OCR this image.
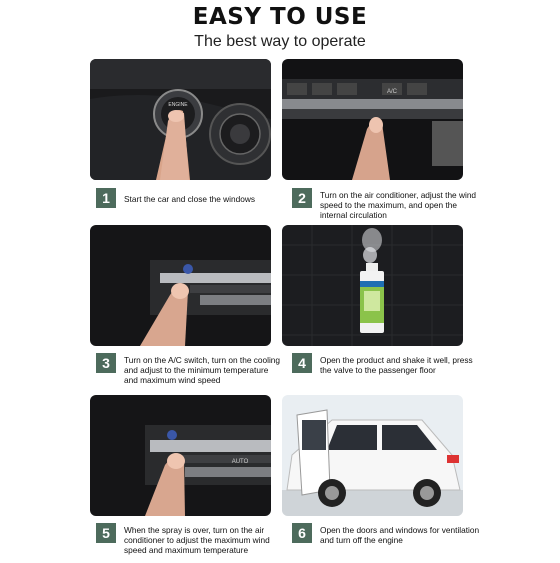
EASY TO USE
The best way to operate
ENGINE
A/C
AUTO
1	Start the car and close the windows	2	Turn on the air conditioner, adjust the wind speed to the maximum, and open the internal circulation
3	Turn on the A/C switch, turn on the cooling and adjust to the minimum temperature and maximum wind speed
4	Open the product and shake it well, press the valve to the passenger floor
5	When the spray is over, turn on the air conditioner to adjust the maximum wind speed and maximum temperature
6	Open the doors and windows for ventilation and turn off the engine
